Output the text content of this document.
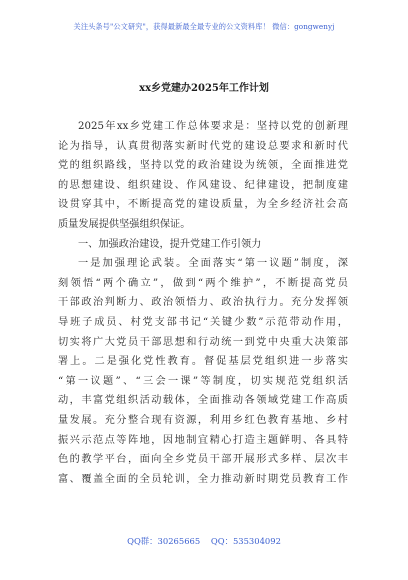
关注头条号"公文研究"，获得最新最全最专业的公文资料库！ 微信：gongwenyj
xx乡党建办2025年工作计划
2025年xx乡党建工作总体要求是：坚持以党的创新理
论为指导，认真贯彻落实新时代党的建设总要求和新时代
党的组织路线，坚持以党的政治建设为统领，全面推进党
的思想建设、组织建设、作风建设、纪律建设，把制度建
设贯穿其中，不断提高党的建设质量，为全乡经济社会高
质量发展提供坚强组织保证。
一、加强政治建设，提升党建工作引领力
一是加强理论武装。全面落实“第一议题”制度，深
刻领悟“两个确立”，做到“两个维护”，不断提高党员
干部政治判断力、政治领悟力、政治执行力。充分发挥领
导班子成员、村党支部书记“关键少数”示范带动作用，
切实将广大党员干部思想和行动统一到党中央重大决策部
署上。二是强化党性教育。督促基层党组织进一步落实
“第一议题”、“三会一课”等制度，切实规范党组织活
动，丰富党组织活动载体，全面推动各领域党建工作高质
量发展。充分整合现有资源，利用乡红色教育基地、乡村
振兴示范点等阵地，因地制宜精心打造主题鲜明、各具特
色的教学平台，面向全乡党员干部开展形式多样、层次丰
富、覆盖全面的全员轮训，全力推动新时期党员教育工作
QQ群：30265665    QQ：535304092
